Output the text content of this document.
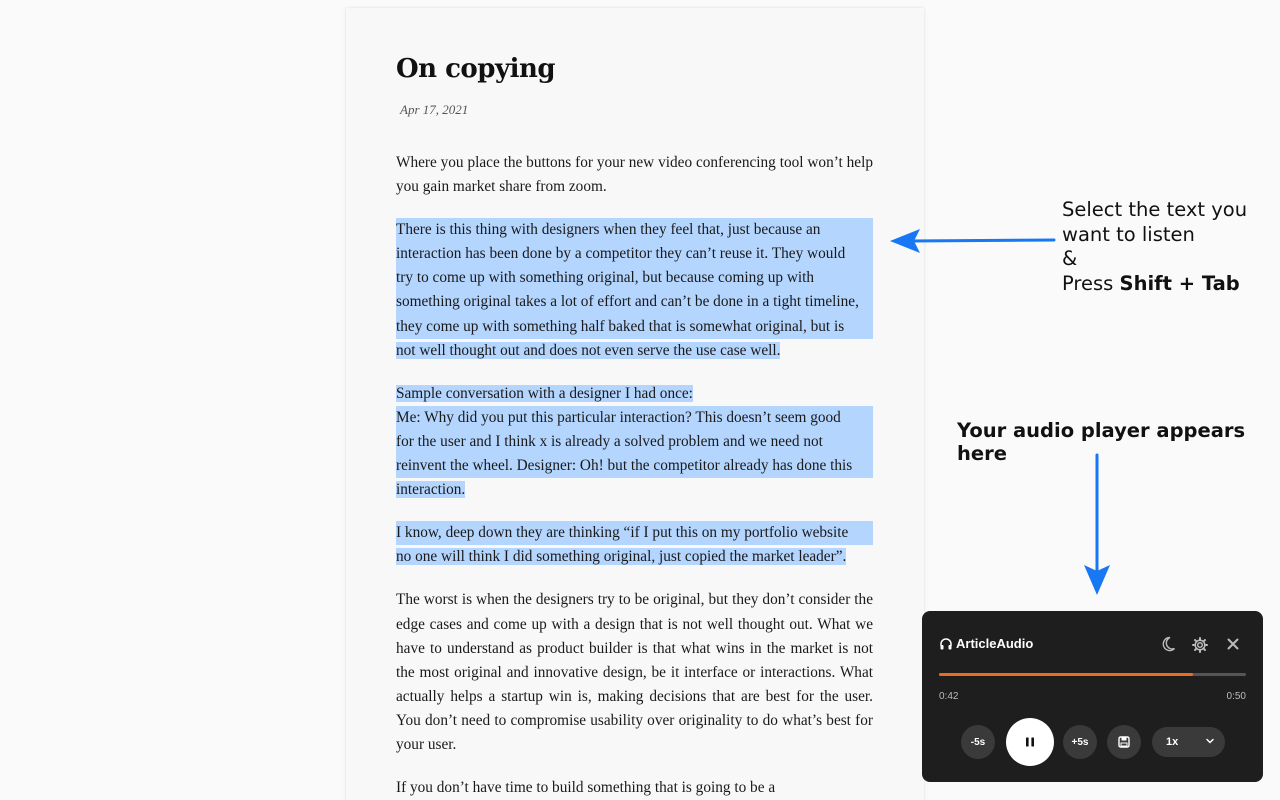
On copying
Apr 17, 2021

Where you place the buttons for your new video conferencing tool won’t help you gain market share from zoom.

There is this thing with designers when they feel that, just because an
interaction has been done by a competitor they can’t reuse it. They would
try to come up with something original, but because coming up with
something original takes a lot of effort and can’t be done in a tight timeline,
they come up with something half baked that is somewhat original, but is
not well thought out and does not even serve the use case well.

Sample conversation with a designer I had once:
Me: Why did you put this particular interaction? This doesn’t seem good
for the user and I think x is already a solved problem and we need not
reinvent the wheel. Designer: Oh! but the competitor already has done this
interaction.

I know, deep down they are thinking “if I put this on my portfolio website
no one will think I did something original, just copied the market leader”.

The worst is when the designers try to be original, but they don’t consider the edge cases and come up with a design that is not well thought out. What we have to understand as product builder is that what wins in the market is not the most original and innovative design, be it interface or interactions. What actually helps a startup win is, making decisions that are best for the user. You don’t need to compromise usability over originality to do what’s best for your user.

If you don’t have time to build something that is going to be a

Select the text you
want to listen
&
Press Shift + Tab
Your audio player appears here
ArticleAudio
0:42	0:50
-5s	+5s	1x
